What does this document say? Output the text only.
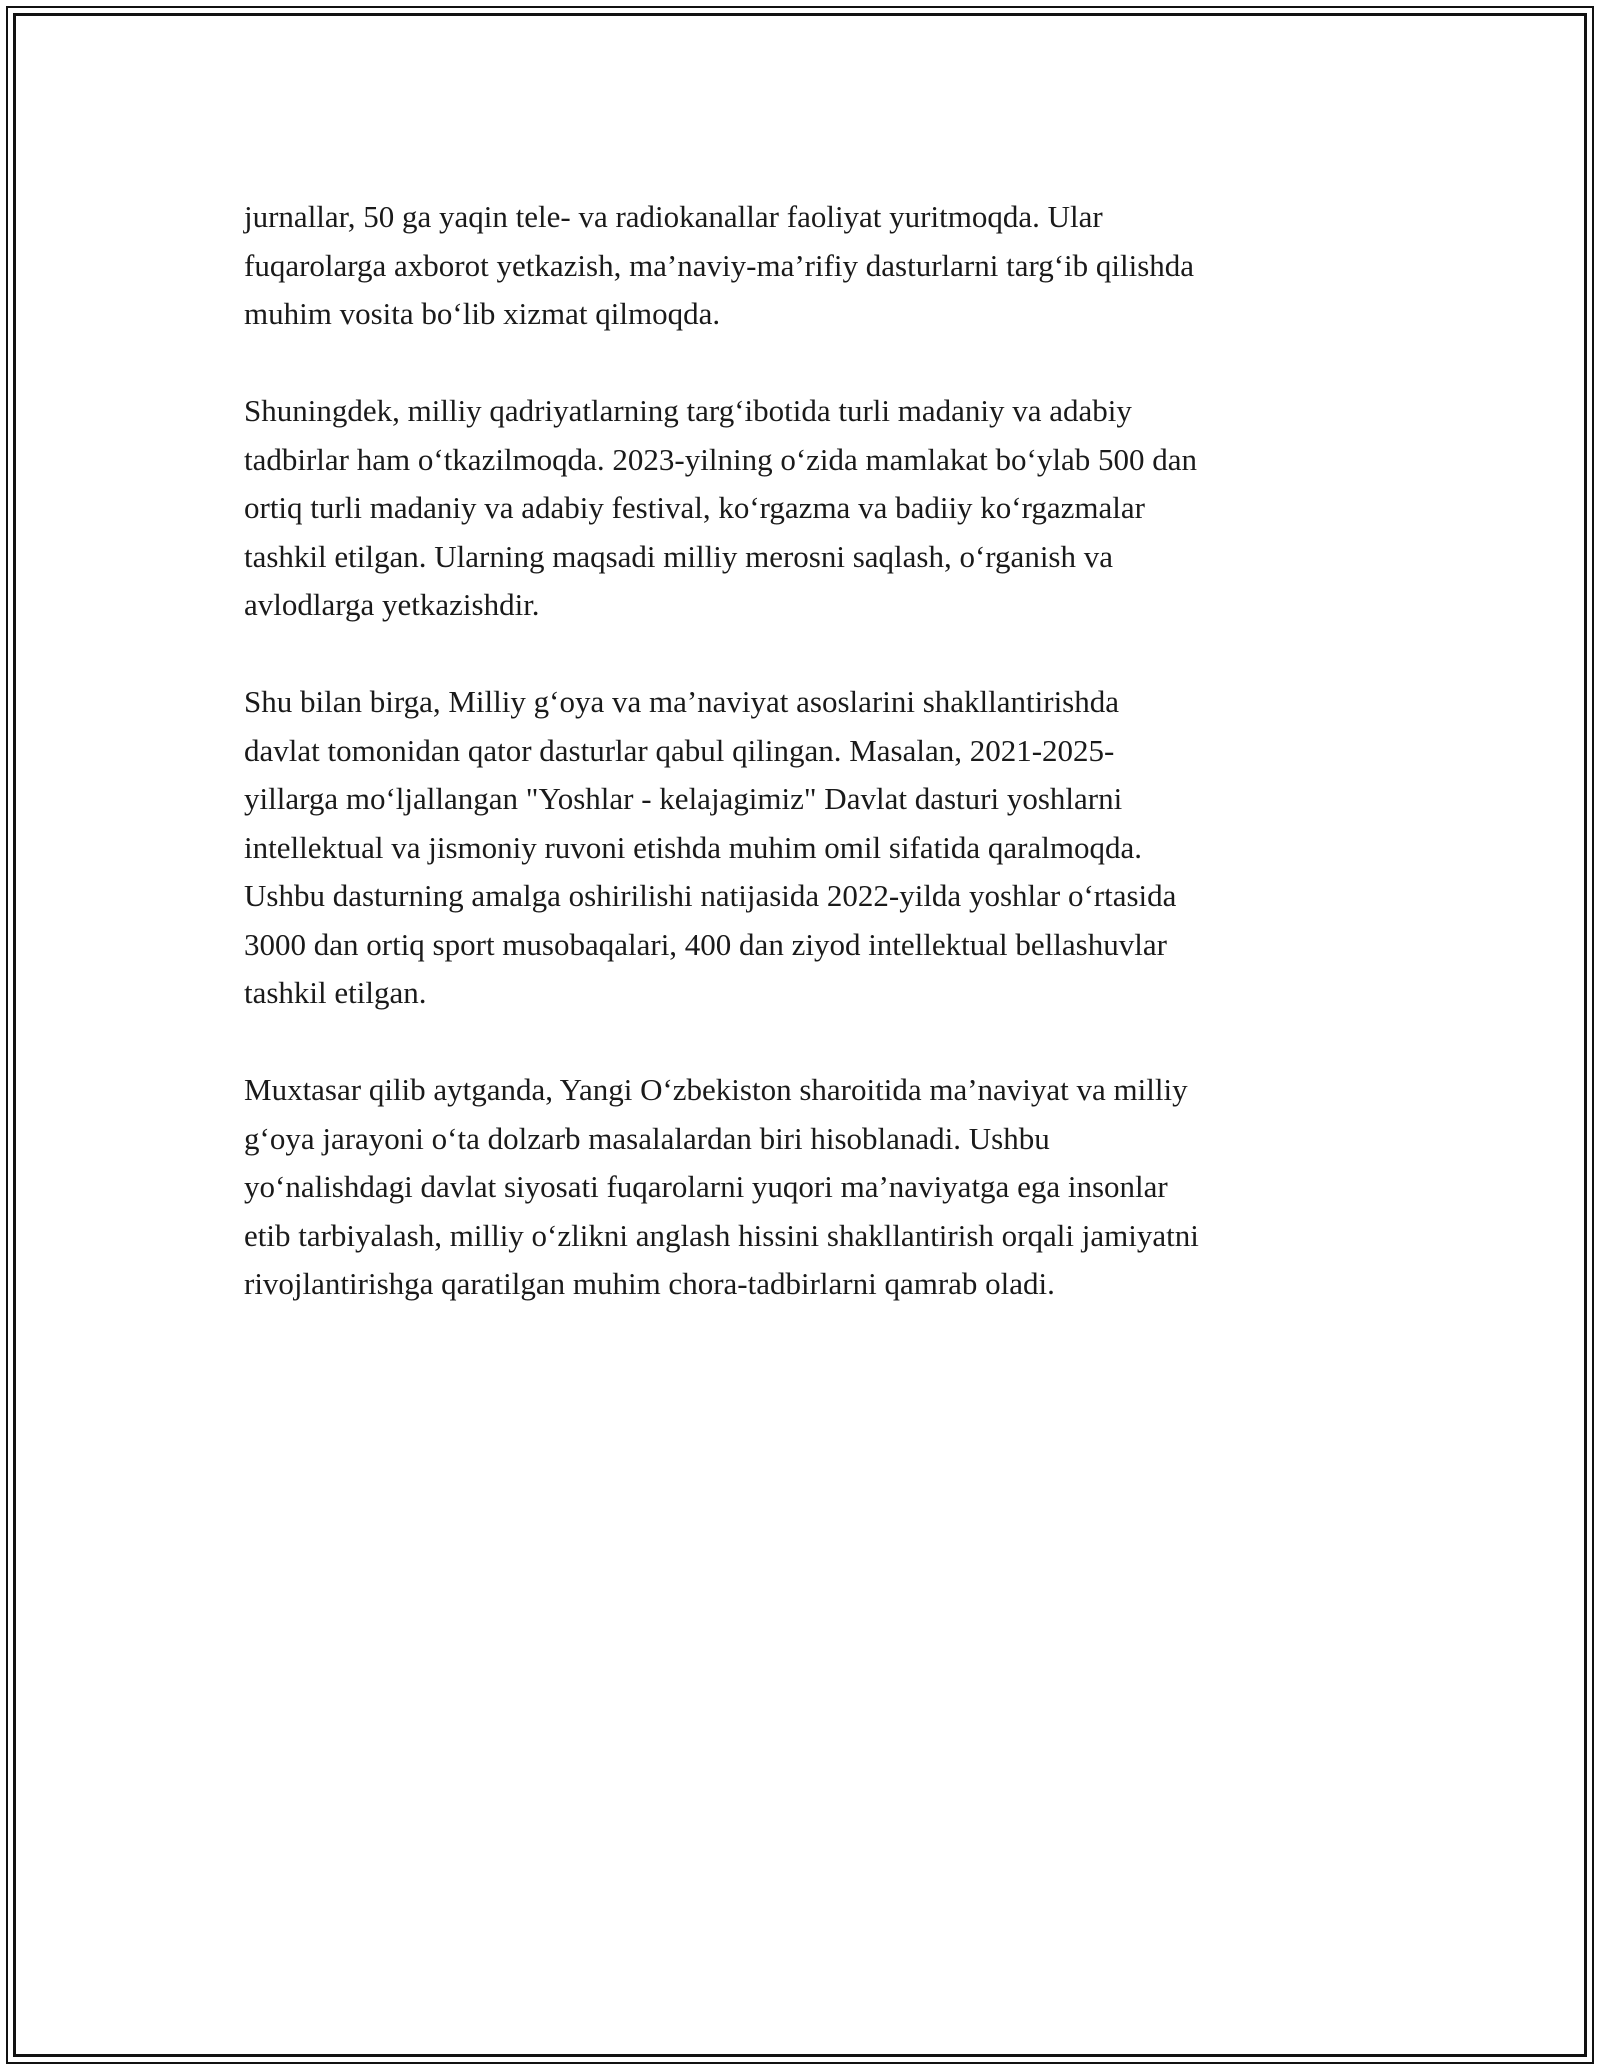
jurnallar, 50 ga yaqin tele- va radiokanallar faoliyat yuritmoqda. Ular
fuqarolarga axborot yetkazish, ma’naviy-ma’rifiy dasturlarni targ‘ib qilishda
muhim vosita bo‘lib xizmat qilmoqda.

Shuningdek, milliy qadriyatlarning targ‘ibotida turli madaniy va adabiy
tadbirlar ham o‘tkazilmoqda. 2023-yilning o‘zida mamlakat bo‘ylab 500 dan
ortiq turli madaniy va adabiy festival, ko‘rgazma va badiiy ko‘rgazmalar
tashkil etilgan. Ularning maqsadi milliy merosni saqlash, o‘rganish va
avlodlarga yetkazishdir.

Shu bilan birga, Milliy g‘oya va ma’naviyat asoslarini shakllantirishda
davlat tomonidan qator dasturlar qabul qilingan. Masalan, 2021-2025-
yillarga mo‘ljallangan "Yoshlar - kelajagimiz" Davlat dasturi yoshlarni
intellektual va jismoniy ruvoni etishda muhim omil sifatida qaralmoqda.
Ushbu dasturning amalga oshirilishi natijasida 2022-yilda yoshlar o‘rtasida
3000 dan ortiq sport musobaqalari, 400 dan ziyod intellektual bellashuvlar
tashkil etilgan.

Muxtasar qilib aytganda, Yangi O‘zbekiston sharoitida ma’naviyat va milliy
g‘oya jarayoni o‘ta dolzarb masalalardan biri hisoblanadi. Ushbu
yo‘nalishdagi davlat siyosati fuqarolarni yuqori ma’naviyatga ega insonlar
etib tarbiyalash, milliy o‘zlikni anglash hissini shakllantirish orqali jamiyatni
rivojlantirishga qaratilgan muhim chora-tadbirlarni qamrab oladi.
